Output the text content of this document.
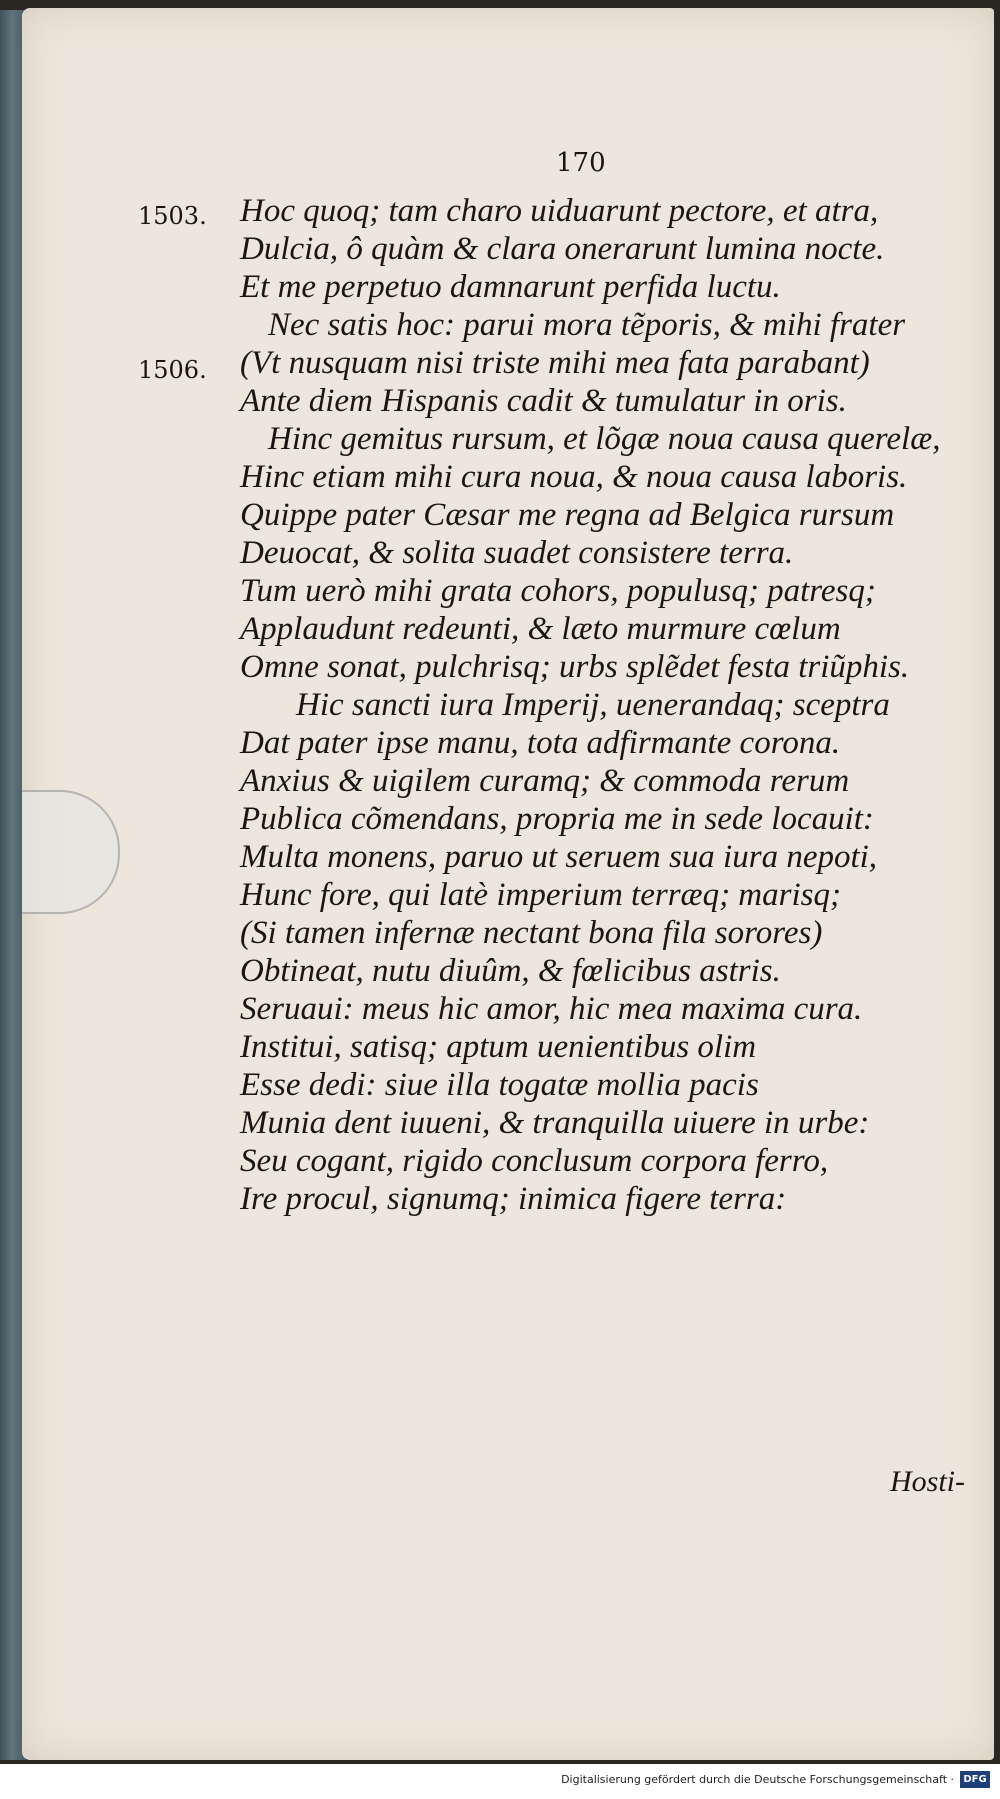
170
1503.
1506.
Hoc quoq; tam charo uiduarunt pectore, et atra,
Dulcia, ô quàm & clara onerarunt lumina nocte.
Et me perpetuo damnarunt perfida luctu.
Nec satis hoc: parui mora tẽporis, & mihi frater
(Vt nusquam nisi triste mihi mea fata parabant)
Ante diem Hispanis cadit & tumulatur in oris.
Hinc gemitus rursum, et lõgæ noua causa querelæ,
Hinc etiam mihi cura noua, & noua causa laboris.
Quippe pater Cæsar me regna ad Belgica rursum
Deuocat, & solita suadet consistere terra.
Tum uerò mihi grata cohors, populusq; patresq;
Applaudunt redeunti, & læto murmure cœlum
Omne sonat, pulchrisq; urbs splẽdet festa triũphis.
Hic sancti iura Imperij, uenerandaq; sceptra
Dat pater ipse manu, tota adfirmante corona.
Anxius & uigilem curamq; & commoda rerum
Publica cõmendans, propria me in sede locauit:
Multa monens, paruo ut seruem sua iura nepoti,
Hunc fore, qui latè imperium terræq; marisq;
(Si tamen infernæ nectant bona fila sorores)
Obtineat, nutu diuûm, & fœlicibus astris.
Seruaui: meus hic amor, hic mea maxima cura.
Institui, satisq; aptum uenientibus olim
Esse dedi: siue illa togatæ mollia pacis
Munia dent iuueni, & tranquilla uiuere in urbe:
Seu cogant, rigido conclusum corpora ferro,
Ire procul, signumq; inimica figere terra:
Hosti-
Digitalisierung gefördert durch die Deutsche Forschungsgemeinschaft · DFG
